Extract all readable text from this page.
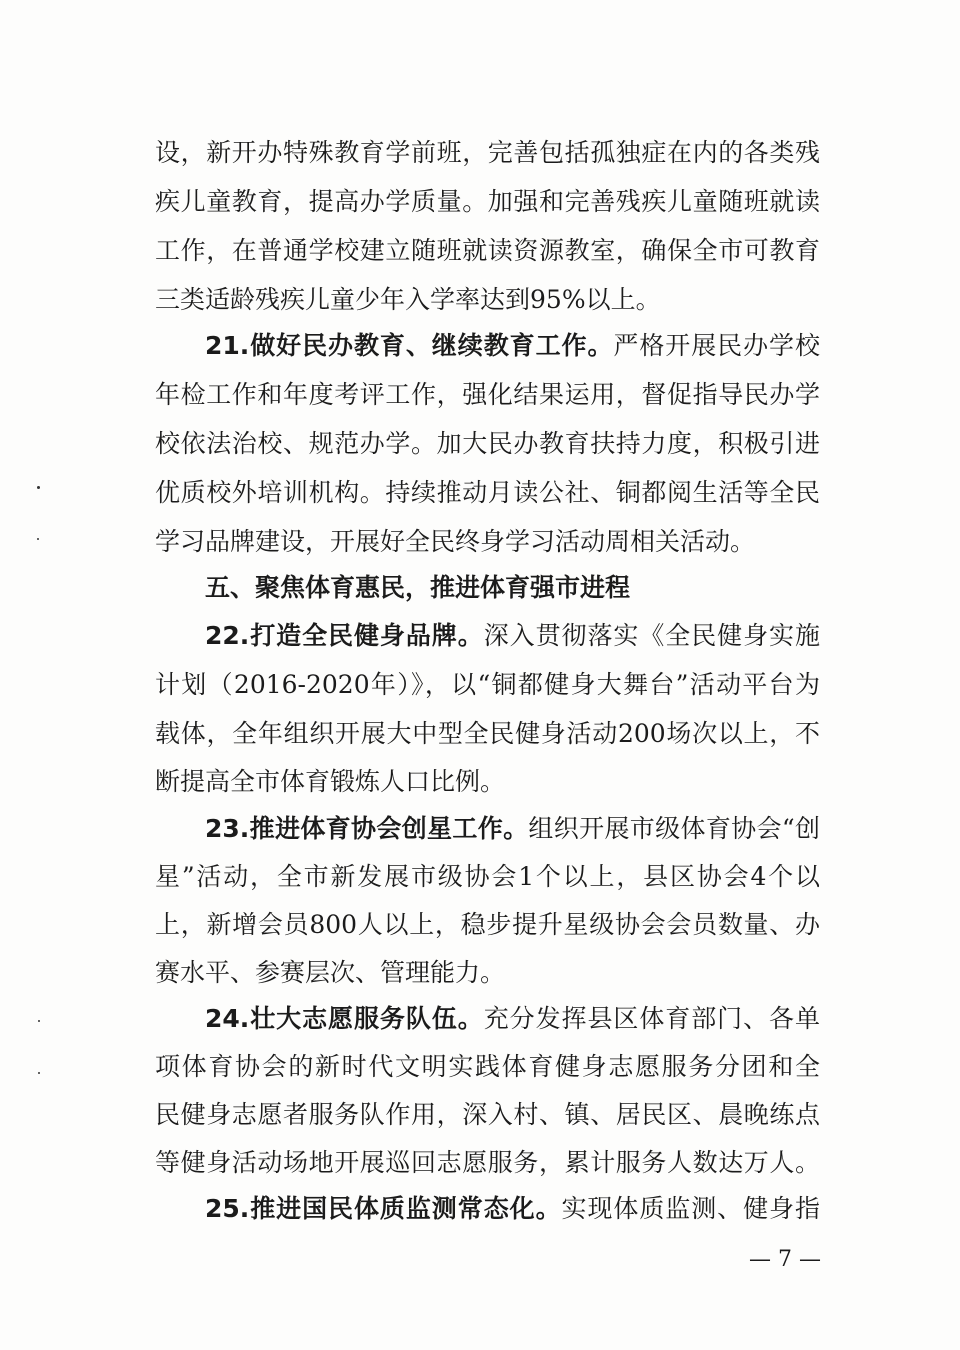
设，新开办特殊教育学前班，完善包括孤独症在内的各类残
疾儿童教育，提高办学质量。加强和完善残疾儿童随班就读
工作，在普通学校建立随班就读资源教室，确保全市可教育
三类适龄残疾儿童少年入学率达到95%以上。
21.做好民办教育、继续教育工作。严格开展民办学校
年检工作和年度考评工作，强化结果运用，督促指导民办学
校依法治校、规范办学。加大民办教育扶持力度，积极引进
优质校外培训机构。持续推动月读公社、铜都阅生活等全民
学习品牌建设，开展好全民终身学习活动周相关活动。
五、聚焦体育惠民，推进体育强市进程
22.打造全民健身品牌。深入贯彻落实《全民健身实施
计划（2016-2020年）》，以“铜都健身大舞台”活动平台为
载体，全年组织开展大中型全民健身活动200场次以上，不
断提高全市体育锻炼人口比例。
23.推进体育协会创星工作。组织开展市级体育协会“创
星”活动，全市新发展市级协会1个以上，县区协会4个以
上，新增会员800人以上，稳步提升星级协会会员数量、办
赛水平、参赛层次、管理能力。
24.壮大志愿服务队伍。充分发挥县区体育部门、各单
项体育协会的新时代文明实践体育健身志愿服务分团和全
民健身志愿者服务队作用，深入村、镇、居民区、晨晚练点
等健身活动场地开展巡回志愿服务，累计服务人数达万人。
25.推进国民体质监测常态化。实现体质监测、健身指
— 7 —
